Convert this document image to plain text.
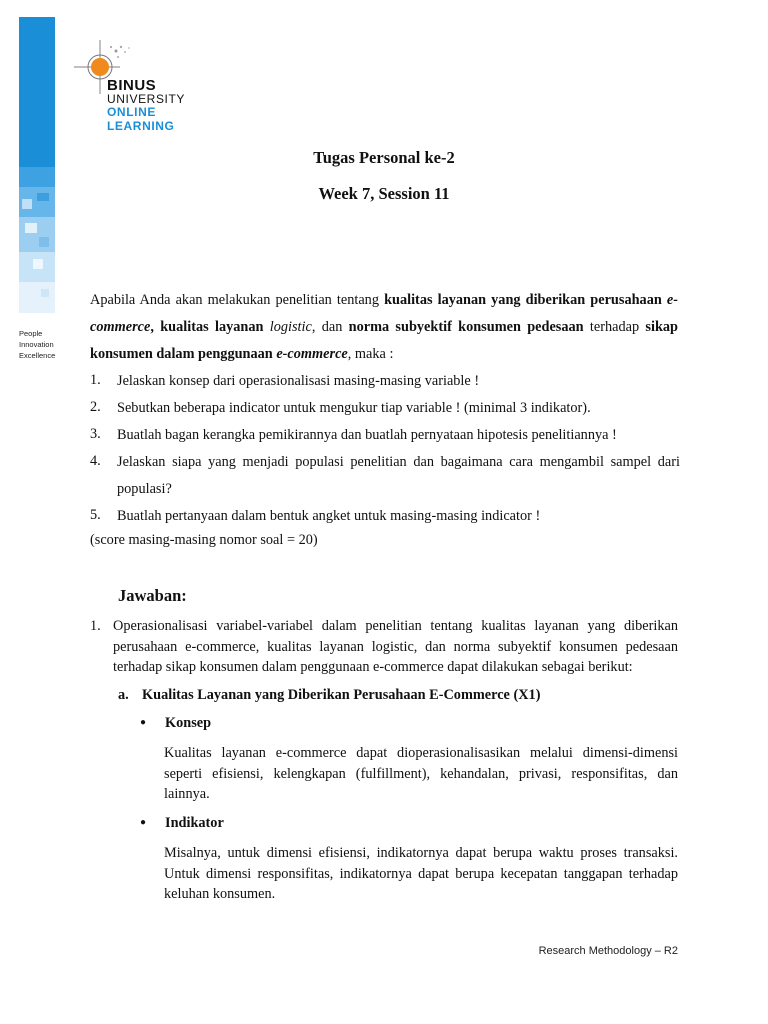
BINUS
UNIVERSITY
ONLINE
LEARNING
People
Innovation
Excellence
Tugas Personal ke-2
Week 7, Session 11
Apabila Anda akan melakukan penelitian tentang kualitas layanan yang diberikan perusahaan e-commerce, kualitas layanan logistic, dan norma subyektif konsumen pedesaan terhadap sikap konsumen dalam penggunaan e-commerce, maka :
1. Jelaskan konsep dari operasionalisasi masing-masing variable !
2. Sebutkan beberapa indicator untuk mengukur tiap variable ! (minimal 3 indikator).
3. Buatlah bagan kerangka pemikirannya dan buatlah pernyataan hipotesis penelitiannya !
4. Jelaskan siapa yang menjadi populasi penelitian dan bagaimana cara mengambil sampel dari populasi?
5. Buatlah pertanyaan dalam bentuk angket untuk masing-masing indicator !
(score masing-masing nomor soal = 20)
Jawaban:
1. Operasionalisasi variabel-variabel dalam penelitian tentang kualitas layanan yang diberikan perusahaan e-commerce, kualitas layanan logistic, dan norma subyektif konsumen pedesaan terhadap sikap konsumen dalam penggunaan e-commerce dapat dilakukan sebagai berikut:
a. Kualitas Layanan yang Diberikan Perusahaan E-Commerce (X1)
● Konsep
Kualitas layanan e-commerce dapat dioperasionalisasikan melalui dimensi-dimensi seperti efisiensi, kelengkapan (fulfillment), kehandalan, privasi, responsifitas, dan lainnya.
● Indikator
Misalnya, untuk dimensi efisiensi, indikatornya dapat berupa waktu proses transaksi. Untuk dimensi responsifitas, indikatornya dapat berupa kecepatan tanggapan terhadap keluhan konsumen.
Research Methodology – R2
